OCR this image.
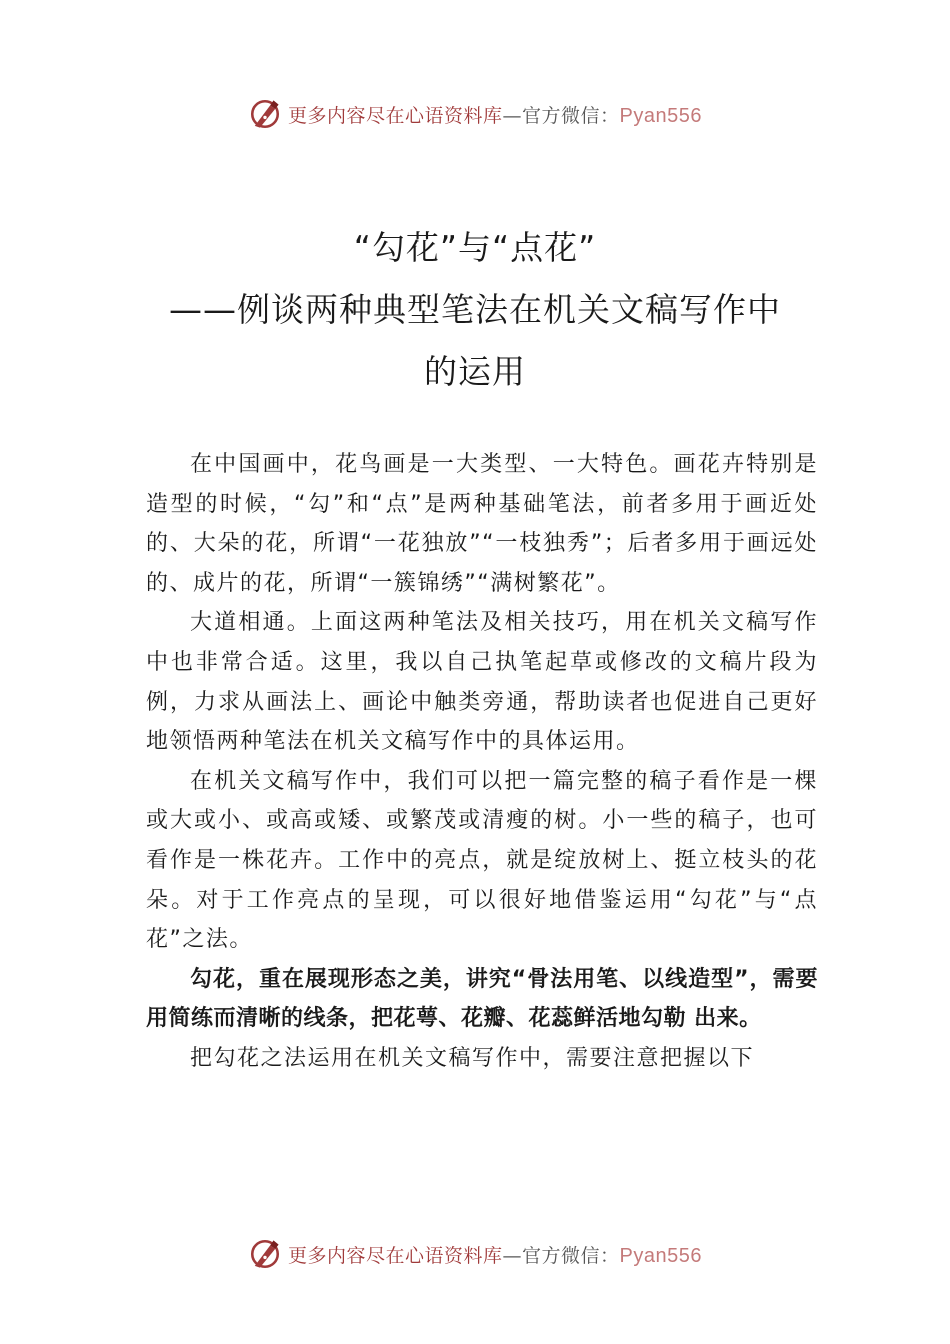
更多内容尽在心语资料库—官方微信：Pyan556
“勾花”与“点花”
——例谈两种典型笔法在机关文稿写作中
的运用

在中国画中，花鸟画是一大类型、一大特色。画花卉特别是造型的时候，“勾”和“点”是两种基础笔法，前者多用于画近处的、大朵的花，所谓“一花独放”“一枝独秀”；后者多用于画远处的、成片的花，所谓“一簇锦绣”“满树繁花”。

大道相通。上面这两种笔法及相关技巧，用在机关文稿写作中也非常合适。这里，我以自己执笔起草或修改的文稿片段为例，力求从画法上、画论中触类旁通，帮助读者也促进自己更好地领悟两种笔法在机关文稿写作中的具体运用。

在机关文稿写作中，我们可以把一篇完整的稿子看作是一棵或大或小、或高或矮、或繁茂或清瘦的树。小一些的稿子，也可看作是一株花卉。工作中的亮点，就是绽放树上、挺立枝头的花朵。对于工作亮点的呈现，可以很好地借鉴运用“勾花”与“点花”之法。

勾花，重在展现形态之美，讲究“骨法用笔、以线造型”，需要用简练而清晰的线条，把花萼、花瓣、花蕊鲜活地勾勒 出来。

把勾花之法运用在机关文稿写作中，需要注意把握以下

更多内容尽在心语资料库—官方微信：Pyan556
